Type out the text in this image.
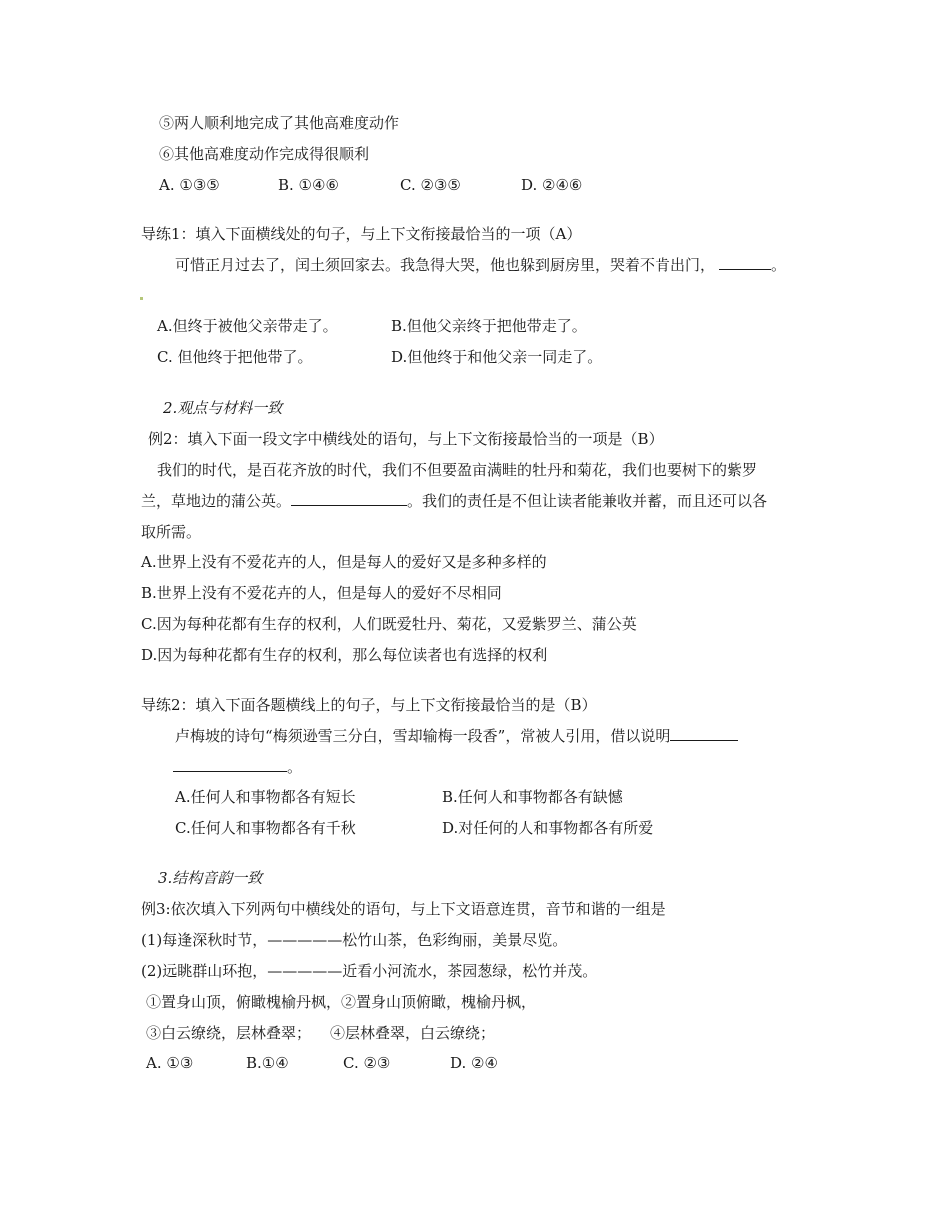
⑤两人顺利地完成了其他高难度动作
⑥其他高难度动作完成得很顺利
A. ①③⑤	B. ①④⑥	C. ②③⑤	D. ②④⑥
导练1：填入下面横线处的句子，与上下文衔接最恰当的一项（A）
可惜正月过去了，闰土须回家去。我急得大哭，他也躲到厨房里，哭着不肯出门，	。
A.但终于被他父亲带走了。	B.但他父亲终于把他带走了。
C. 但他终于把他带了。	D.但他终于和他父亲一同走了。
2.观点与材料一致
例2：填入下面一段文字中横线处的语句，与上下文衔接最恰当的一项是（B）
我们的时代，是百花齐放的时代，我们不但要盈亩满畦的牡丹和菊花，我们也要树下的紫罗
兰，草地边的蒲公英。	。我们的责任是不但让读者能兼收并蓄，而且还可以各
取所需。
A.世界上没有不爱花卉的人，但是每人的爱好又是多种多样的
B.世界上没有不爱花卉的人，但是每人的爱好不尽相同
C.因为每种花都有生存的权利，人们既爱牡丹、菊花，又爱紫罗兰、蒲公英
D.因为每种花都有生存的权利，那么每位读者也有选择的权利
导练2：填入下面各题横线上的句子，与上下文衔接最恰当的是（B）
卢梅坡的诗句“梅须逊雪三分白，雪却输梅一段香”，常被人引用，借以说明
。
A.任何人和事物都各有短长	B.任何人和事物都各有缺憾
C.任何人和事物都各有千秋	D.对任何的人和事物都各有所爱
3.结构音韵一致
例3:依次填入下列两句中横线处的语句，与上下文语意连贯，音节和谐的一组是
(1)每逢深秋时节，—————松竹山茶，色彩绚丽，美景尽览。
(2)远眺群山环抱，—————近看小河流水，茶园葱绿，松竹并茂。
①置身山顶，俯瞰槐榆丹枫，②置身山顶俯瞰，槐榆丹枫，
③白云缭绕，层林叠翠； ④层林叠翠，白云缭绕；
A. ①③	B.①④	C. ②③	D. ②④
